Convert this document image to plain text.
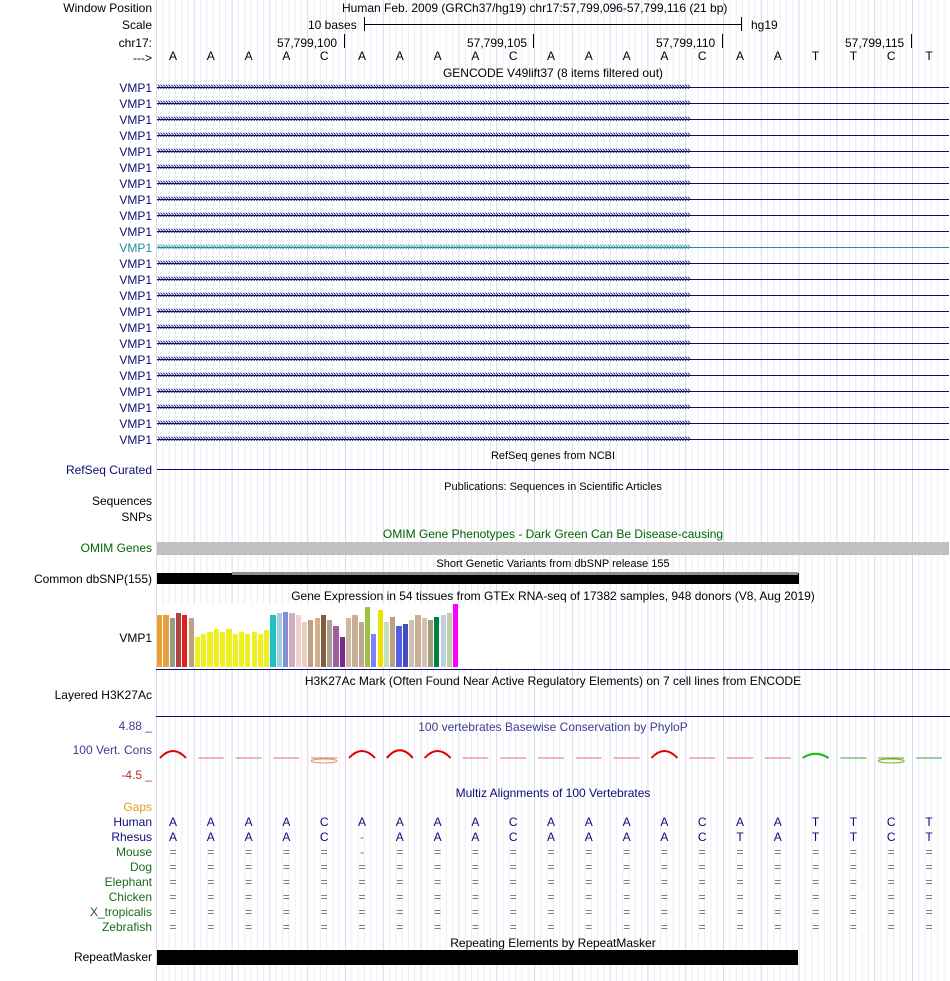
Window Position	Human Feb. 2009 (GRCh37/hg19) chr17:57,799,096-57,799,116 (21 bp)
Scale	10 bases	hg19
chr17:	57,799,100	57,799,105	57,799,110	57,799,115
--->	A	A	A	A	C	A	A	A	A	C	A	A	A	A	C	A	A	T	T	C	T
GENCODE V49lift37 (8 items filtered out)
VMP1 ››››››››››››››››››››››››››››››››››››››››››››››››››››››››››››››››››››››››››››››››››››››››››››››››››››››››››››››››››››››››››››››››››››››››››››››››››››››››››››››››››››››››››››››››››››››››››››››››››››››››
VMP1 ››››››››››››››››››››››››››››››››››››››››››››››››››››››››››››››››››››››››››››››››››››››››››››››››››››››››››››››››››››››››››››››››››››››››››››››››››››››››››››››››››››››››››››››››››››››››››››››››››››››››
VMP1 ››››››››››››››››››››››››››››››››››››››››››››››››››››››››››››››››››››››››››››››››››››››››››››››››››››››››››››››››››››››››››››››››››››››››››››››››››››››››››››››››››››››››››››››››››››››››››››››››››››››››
VMP1 ››››››››››››››››››››››››››››››››››››››››››››››››››››››››››››››››››››››››››››››››››››››››››››››››››››››››››››››››››››››››››››››››››››››››››››››››››››››››››››››››››››››››››››››››››››››››››››››››››››››››
VMP1 ››››››››››››››››››››››››››››››››››››››››››››››››››››››››››››››››››››››››››››››››››››››››››››››››››››››››››››››››››››››››››››››››››››››››››››››››››››››››››››››››››››››››››››››››››››››››››››››››››››››››
VMP1 ››››››››››››››››››››››››››››››››››››››››››››››››››››››››››››››››››››››››››››››››››››››››››››››››››››››››››››››››››››››››››››››››››››››››››››››››››››››››››››››››››››››››››››››››››››››››››››››››››››››››
VMP1 ››››››››››››››››››››››››››››››››››››››››››››››››››››››››››››››››››››››››››››››››››››››››››››››››››››››››››››››››››››››››››››››››››››››››››››››››››››››››››››››››››››››››››››››››››››››››››››››››››››››››
VMP1 ››››››››››››››››››››››››››››››››››››››››››››››››››››››››››››››››››››››››››››››››››››››››››››››››››››››››››››››››››››››››››››››››››››››››››››››››››››››››››››››››››››››››››››››››››››››››››››››››››››››››
VMP1 ››››››››››››››››››››››››››››››››››››››››››››››››››››››››››››››››››››››››››››››››››››››››››››››››››››››››››››››››››››››››››››››››››››››››››››››››››››››››››››››››››››››››››››››››››››››››››››››››››››››››
VMP1 ››››››››››››››››››››››››››››››››››››››››››››››››››››››››››››››››››››››››››››››››››››››››››››››››››››››››››››››››››››››››››››››››››››››››››››››››››››››››››››››››››››››››››››››››››››››››››››››››››››››››
VMP1 ››››››››››››››››››››››››››››››››››››››››››››››››››››››››››››››››››››››››››››››››››››››››››››››››››››››››››››››››››››››››››››››››››››››››››››››››››››››››››››››››››››››››››››››››››››››››››››››››››››››››
VMP1 ››››››››››››››››››››››››››››››››››››››››››››››››››››››››››››››››››››››››››››››››››››››››››››››››››››››››››››››››››››››››››››››››››››››››››››››››››››››››››››››››››››››››››››››››››››››››››››››››››››››››
VMP1 ››››››››››››››››››››››››››››››››››››››››››››››››››››››››››››››››››››››››››››››››››››››››››››››››››››››››››››››››››››››››››››››››››››››››››››››››››››››››››››››››››››››››››››››››››››››››››››››››››››››››
VMP1 ››››››››››››››››››››››››››››››››››››››››››››››››››››››››››››››››››››››››››››››››››››››››››››››››››››››››››››››››››››››››››››››››››››››››››››››››››››››››››››››››››››››››››››››››››››››››››››››››››››››››
VMP1 ››››››››››››››››››››››››››››››››››››››››››››››››››››››››››››››››››››››››››››››››››››››››››››››››››››››››››››››››››››››››››››››››››››››››››››››››››››››››››››››››››››››››››››››››››››››››››››››››››››››››
VMP1 ››››››››››››››››››››››››››››››››››››››››››››››››››››››››››››››››››››››››››››››››››››››››››››››››››››››››››››››››››››››››››››››››››››››››››››››››››››››››››››››››››››››››››››››››››››››››››››››››››››››››
VMP1 ››››››››››››››››››››››››››››››››››››››››››››››››››››››››››››››››››››››››››››››››››››››››››››››››››››››››››››››››››››››››››››››››››››››››››››››››››››››››››››››››››››››››››››››››››››››››››››››››››››››››
VMP1 ››››››››››››››››››››››››››››››››››››››››››››››››››››››››››››››››››››››››››››››››››››››››››››››››››››››››››››››››››››››››››››››››››››››››››››››››››››››››››››››››››››››››››››››››››››››››››››››››››››››››
VMP1 ››››››››››››››››››››››››››››››››››››››››››››››››››››››››››››››››››››››››››››››››››››››››››››››››››››››››››››››››››››››››››››››››››››››››››››››››››››››››››››››››››››››››››››››››››››››››››››››››››››››››
VMP1 ››››››››››››››››››››››››››››››››››››››››››››››››››››››››››››››››››››››››››››››››››››››››››››››››››››››››››››››››››››››››››››››››››››››››››››››››››››››››››››››››››››››››››››››››››››››››››››››››››››››››
VMP1 ››››››››››››››››››››››››››››››››››››››››››››››››››››››››››››››››››››››››››››››››››››››››››››››››››››››››››››››››››››››››››››››››››››››››››››››››››››››››››››››››››››››››››››››››››››››››››››››››››››››››
VMP1 ››››››››››››››››››››››››››››››››››››››››››››››››››››››››››››››››››››››››››››››››››››››››››››››››››››››››››››››››››››››››››››››››››››››››››››››››››››››››››››››››››››››››››››››››››››››››››››››››››››››››
VMP1 ››››››››››››››››››››››››››››››››››››››››››››››››››››››››››››››››››››››››››››››››››››››››››››››››››››››››››››››››››››››››››››››››››››››››››››››››››››››››››››››››››››››››››››››››››››››››››››››››››››››››
RefSeq genes from NCBI
RefSeq Curated
Publications: Sequences in Scientific Articles
Sequences
SNPs
OMIM Gene Phenotypes - Dark Green Can Be Disease-causing
OMIM Genes
Short Genetic Variants from dbSNP release 155
Common dbSNP(155)
Gene Expression in 54 tissues from GTEx RNA-seq of 17382 samples, 948 donors (V8, Aug 2019)
VMP1
H3K27Ac Mark (Often Found Near Active Regulatory Elements) on 7 cell lines from ENCODE
Layered H3K27Ac
100 vertebrates Basewise Conservation by PhyloP
4.88 _
100 Vert. Cons
-4.5 _
Multiz Alignments of 100 Vertebrates
Gaps
Human	A	A	A	A	C	A	A	A	A	C	A	A	A	A	C	A	A	T	T	C	T
Rhesus	A	A	A	A	C	-	A	A	A	C	A	A	A	A	C	T	A	T	T	C	T
Mouse	=	=	=	=	=	-	=	=	=	=	=	=	=	=	=	=	=	=	=	=	=
Dog	=	=	=	=	=	=	=	=	=	=	=	=	=	=	=	=	=	=	=	=	=
Elephant	=	=	=	=	=	=	=	=	=	=	=	=	=	=	=	=	=	=	=	=	=
Chicken	=	=	=	=	=	=	=	=	=	=	=	=	=	=	=	=	=	=	=	=	=
X_tropicalis	=	=	=	=	=	=	=	=	=	=	=	=	=	=	=	=	=	=	=	=	=
Zebrafish	=	=	=	=	=	=	=	=	=	=	=	=	=	=	=	=	=	=	=	=	=
Repeating Elements by RepeatMasker
RepeatMasker
